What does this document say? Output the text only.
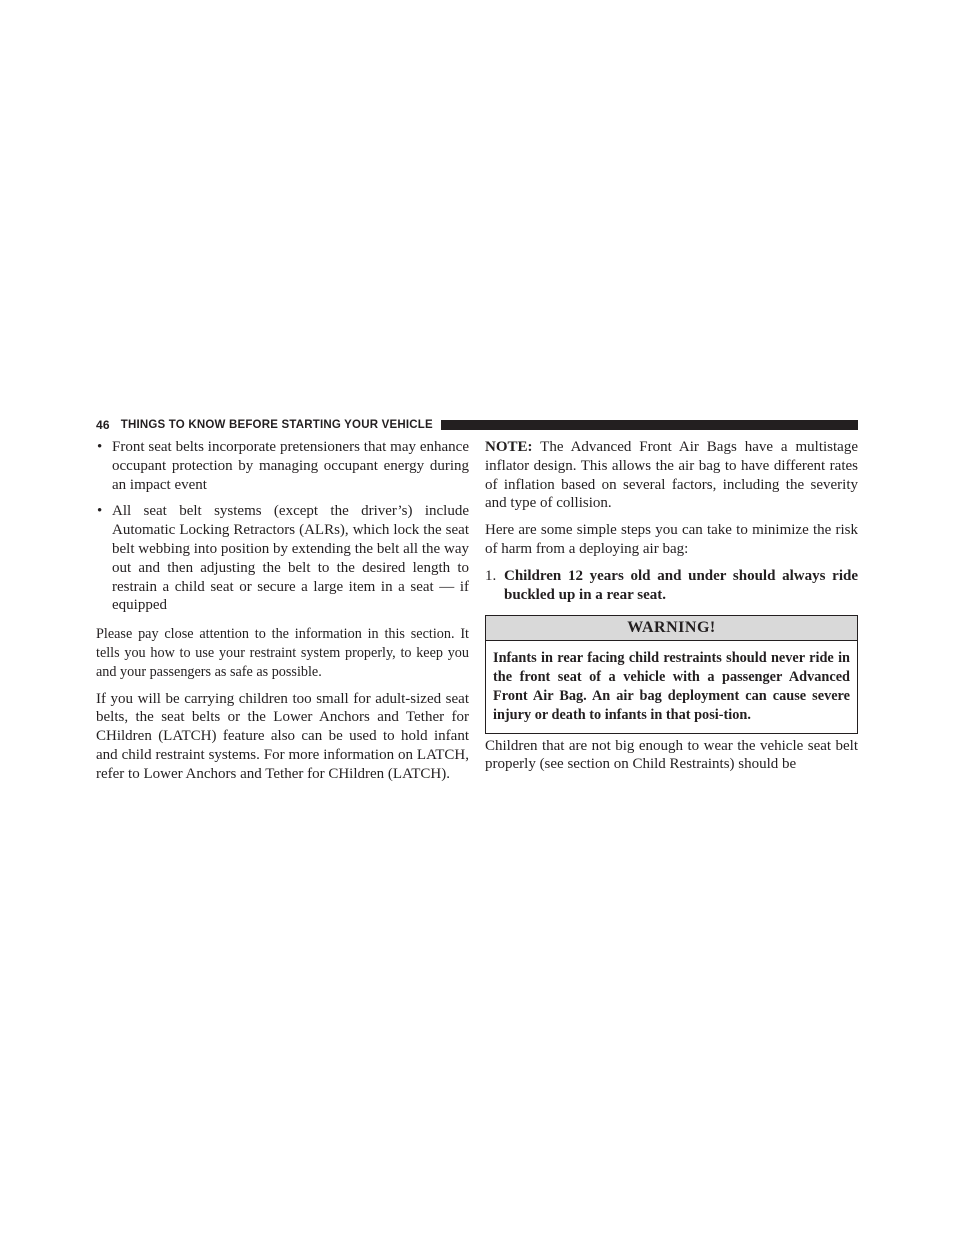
46 THINGS TO KNOW BEFORE STARTING YOUR VEHICLE
• Front seat belts incorporate pretensioners that may enhance occupant protection by managing occupant energy during an impact event
• All seat belt systems (except the driver’s) include Automatic Locking Retractors (ALRs), which lock the seat belt webbing into position by extending the belt all the way out and then adjusting the belt to the desired length to restrain a child seat or secure a large item in a seat — if equipped

Please pay close attention to the information in this section. It tells you how to use your restraint system properly, to keep you and your passengers as safe as possible.

If you will be carrying children too small for adult-sized seat belts, the seat belts or the Lower Anchors and Tether for CHildren (LATCH) feature also can be used to hold infant and child restraint systems. For more information on LATCH, refer to Lower Anchors and Tether for CHildren (LATCH).

NOTE: The Advanced Front Air Bags have a multistage inflator design. This allows the air bag to have different rates of inflation based on several factors, including the severity and type of collision.

Here are some simple steps you can take to minimize the risk of harm from a deploying air bag:

1. Children 12 years old and under should always ride buckled up in a rear seat.
WARNING!
Infants in rear facing child restraints should never ride in the front seat of a vehicle with a passenger Advanced Front Air Bag. An air bag deployment can cause severe injury or death to infants in that posi-tion.

Children that are not big enough to wear the vehicle seat belt properly (see section on Child Restraints) should be
